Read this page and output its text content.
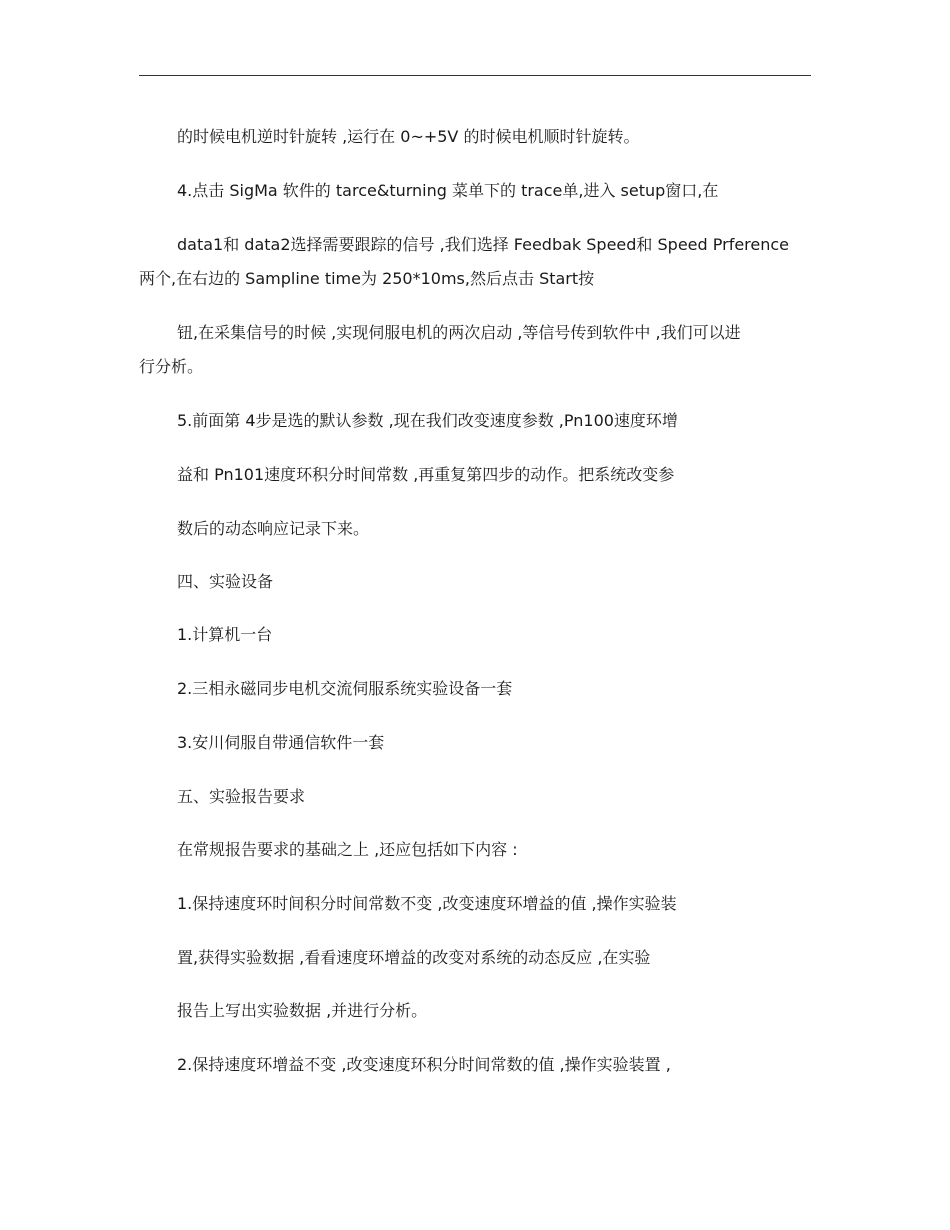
的时候电机逆时针旋转 ,运行在 0~+5V 的时候电机顺时针旋转。
4.点击 SigMa 软件的 tarce&turning 菜单下的 trace单,进入 setup窗口,在
data1和 data2选择需要跟踪的信号 ,我们选择 Feedbak Speed和 Speed Prference
两个,在右边的 Sampline time为 250*10ms,然后点击 Start按
钮,在采集信号的时候 ,实现伺服电机的两次启动 ,等信号传到软件中 ,我们可以进
行分析。
5.前面第 4步是选的默认参数 ,现在我们改变速度参数 ,Pn100速度环增
益和 Pn101速度环积分时间常数 ,再重复第四步的动作。把系统改变参
数后的动态响应记录下来。
四、实验设备
1.计算机一台
2.三相永磁同步电机交流伺服系统实验设备一套
3.安川伺服自带通信软件一套
五、实验报告要求
在常规报告要求的基础之上 ,还应包括如下内容 :
1.保持速度环时间积分时间常数不变 ,改变速度环增益的值 ,操作实验装
置,获得实验数据 ,看看速度环增益的改变对系统的动态反应 ,在实验
报告上写出实验数据 ,并进行分析。
2.保持速度环增益不变 ,改变速度环积分时间常数的值 ,操作实验装置 ,
